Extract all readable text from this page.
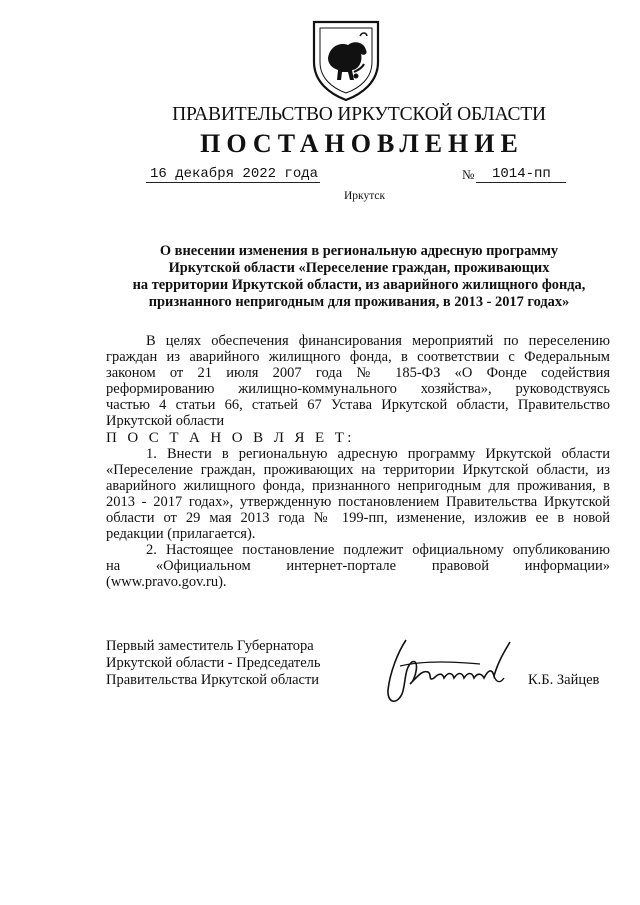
ПРАВИТЕЛЬСТВО ИРКУТСКОЙ ОБЛАСТИ
ПОСТАНОВЛЕНИЕ
16 декабря 2022 года	№	1014-пп
Иркутск
О внесении изменения в региональную адресную программу
Иркутской области «Переселение граждан, проживающих
на территории Иркутской области, из аварийного жилищного фонда,
признанного непригодным для проживания, в 2013 - 2017 годах»
В целях обеспечения финансирования мероприятий по переселению
граждан из аварийного жилищного фонда, в соответствии с Федеральным
законом от 21 июля 2007 года № 185-ФЗ «О Фонде содействия
реформированию жилищно-коммунального хозяйства», руководствуясь
частью 4 статьи 66, статьей 67 Устава Иркутской области, Правительство
Иркутской области
П О С Т А Н О В Л Я Е Т:
1. Внести в региональную адресную программу Иркутской области
«Переселение граждан, проживающих на территории Иркутской области, из
аварийного жилищного фонда, признанного непригодным для проживания, в
2013 - 2017 годах», утвержденную постановлением Правительства Иркутской
области от 29 мая 2013 года № 199-пп, изменение, изложив ее в новой
редакции (прилагается).
2. Настоящее постановление подлежит официальному опубликованию
на «Официальном интернет-портале правовой информации»
(www.pravo.gov.ru).
Первый заместитель Губернатора
Иркутской области - Председатель
Правительства Иркутской области	К.Б. Зайцев
